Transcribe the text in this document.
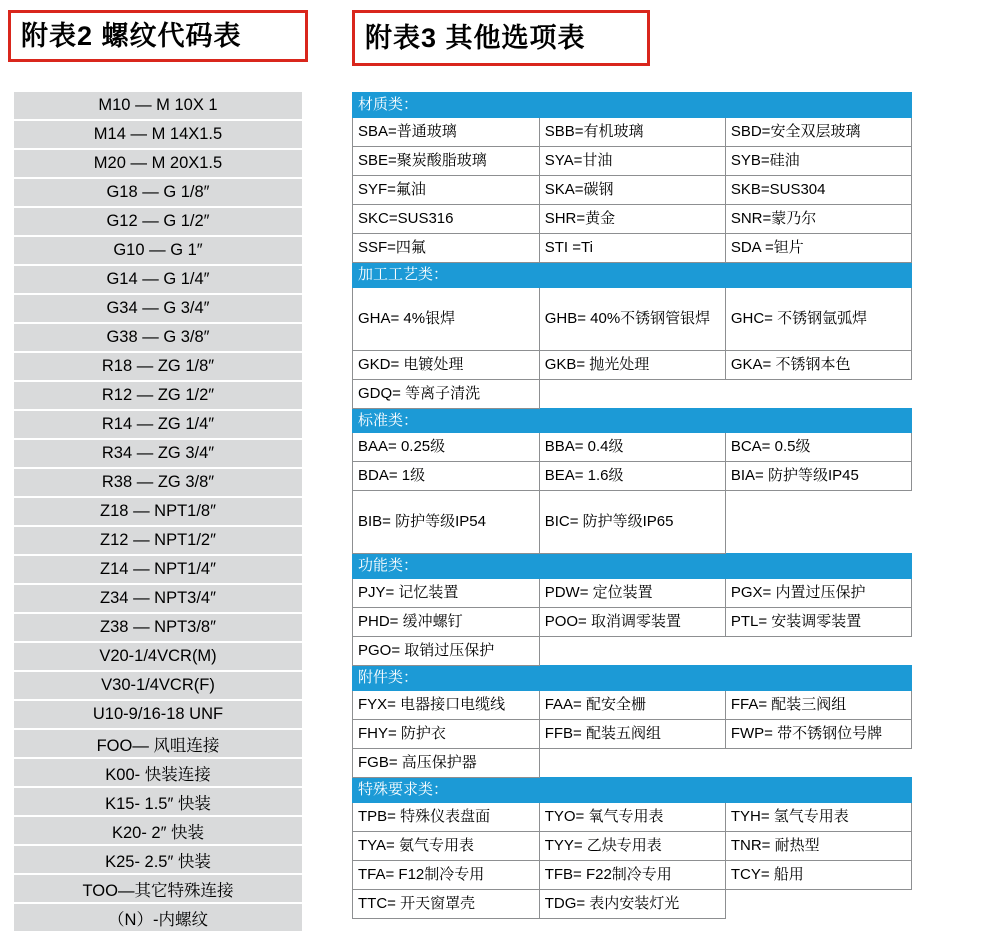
附表2 螺纹代码表	附表3 其他选项表
M10 — M 10X 1
M14 — M 14X1.5
M20 — M 20X1.5
G18 — G 1/8″
G12 — G 1/2″
G10 — G 1″
G14 — G 1/4″
G34 — G 3/4″
G38 — G 3/8″
R18 — ZG 1/8″
R12 — ZG 1/2″
R14 — ZG 1/4″
R34 — ZG 3/4″
R38 — ZG 3/8″
Z18 — NPT1/8″
Z12 — NPT1/2″
Z14 — NPT1/4″
Z34 — NPT3/4″
Z38 — NPT3/8″
V20-1/4VCR(M)
V30-1/4VCR(F)
U10-9/16-18 UNF
FOO— 风咀连接
K00- 快装连接
K15- 1.5″ 快装
K20- 2″ 快装
K25- 2.5″ 快装
TOO—其它特殊连接
（N）-内螺纹
材质类：		
SBA=普通玻璃	SBB=有机玻璃	SBD=安全双层玻璃
SBE=聚炭酸脂玻璃	SYA=甘油	SYB=硅油
SYF=氟油	SKA=碳钢	SKB=SUS304
SKC=SUS316	SHR=黄金	SNR=蒙乃尔
SSF=四氟	STI =Ti	SDA =钽片
加工工艺类：		
GHA= 4%银焊	GHB= 40%不锈钢管银焊	GHC= 不锈钢氩弧焊
GKD= 电镀处理	GKB= 抛光处理	GKA= 不锈钢本色
GDQ= 等离子清洗		
标准类：		
BAA= 0.25级	BBA= 0.4级	BCA= 0.5级
BDA= 1级	BEA= 1.6级	BIA= 防护等级IP45
BIB= 防护等级IP54	BIC= 防护等级IP65	
功能类：		
PJY= 记忆装置	PDW= 定位装置	PGX= 内置过压保护
PHD= 缓冲螺钉	POO= 取消调零装置	PTL= 安装调零装置
PGO= 取销过压保护		
附件类：		
FYX= 电器接口电缆线	FAA= 配安全栅	FFA= 配装三阀组
FHY= 防护衣	FFB= 配装五阀组	FWP= 带不锈钢位号牌
FGB= 高压保护器		
特殊要求类：		
TPB= 特殊仪表盘面	TYO= 氧气专用表	TYH= 氢气专用表
TYA= 氨气专用表	TYY= 乙炔专用表	TNR= 耐热型
TFA= F12制冷专用	TFB= F22制冷专用	TCY= 船用
TTC= 开天窗罩壳	TDG= 表内安装灯光	
